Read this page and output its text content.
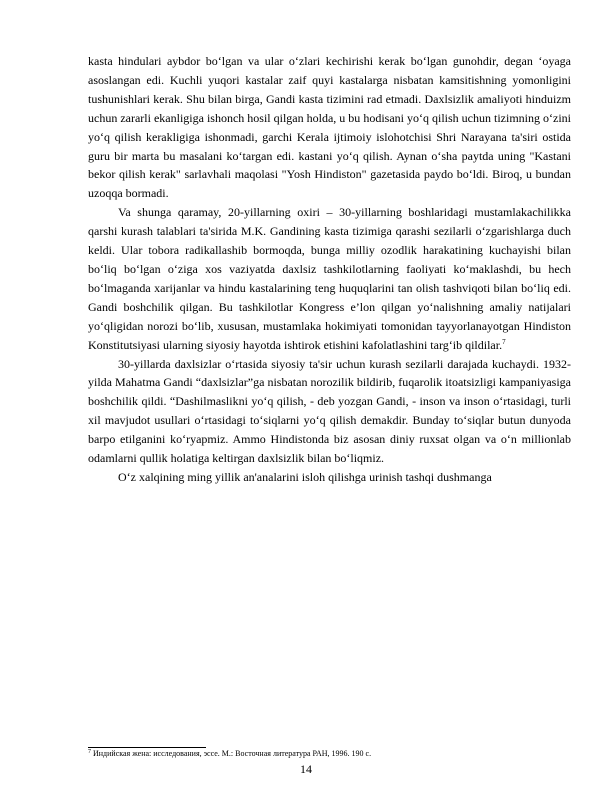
kasta hindulari aybdor bo‘lgan va ular o‘zlari kechirishi kerak bo‘lgan gunohdir, degan ‘oyaga asoslangan edi. Kuchli yuqori kastalar zaif quyi kastalarga nisbatan kamsitishning yomonligini tushunishlari kerak. Shu bilan birga, Gandi kasta tizimini rad etmadi. Daxlsizlik amaliyoti hinduizm uchun zararli ekanligiga ishonch hosil qilgan holda, u bu hodisani yo‘q qilish uchun tizimning o‘zini yo‘q qilish kerakligiga ishonmadi, garchi Kerala ijtimoiy islohotchisi Shri Narayana ta'siri ostida guru bir marta bu masalani ko‘targan edi. kastani yo‘q qilish. Aynan o‘sha paytda uning "Kastani bekor qilish kerak" sarlavhali maqolasi "Yosh Hindiston" gazetasida paydo bo‘ldi. Biroq, u bundan uzoqqa bormadi.

Va shunga qaramay, 20-yillarning oxiri – 30-yillarning boshlaridagi mustamlakachilikka qarshi kurash talablari ta'sirida M.K. Gandining kasta tizimiga qarashi sezilarli o‘zgarishlarga duch keldi. Ular tobora radikallashib bormoqda, bunga milliy ozodlik harakatining kuchayishi bilan bo‘liq bo‘lgan o‘ziga xos vaziyatda daxlsiz tashkilotlarning faoliyati ko‘maklashdi, bu hech bo‘lmaganda xarijanlar va hindu kastalarining teng huquqlarini tan olish tashviqoti bilan bo‘liq edi. Gandi boshchilik qilgan. Bu tashkilotlar Kongress e’lon qilgan yo‘nalishning amaliy natijalari yo‘qligidan norozi bo‘lib, xususan, mustamlaka hokimiyati tomonidan tayyorlanayotgan Hindiston Konstitutsiyasi ularning siyosiy hayotda ishtirok etishini kafolatlashini targ‘ib qildilar.$^7$

30-yillarda daxlsizlar o‘rtasida siyosiy ta'sir uchun kurash sezilarli darajada kuchaydi. 1932-yilda Mahatma Gandi “daxlsizlar”ga nisbatan norozilik bildirib, fuqarolik itoatsizligi kampaniyasiga boshchilik qildi. “Dashilmaslikni yo‘q qilish, - deb yozgan Gandi, - inson va inson o‘rtasidagi, turli xil mavjudot usullari o‘rtasidagi to‘siqlarni yo‘q qilish demakdir. Bunday to‘siqlar butun dunyoda barpo etilganini ko‘ryapmiz. Ammo Hindistonda biz asosan diniy ruxsat olgan va o‘n millionlab odamlarni qullik holatiga keltirgan daxlsizlik bilan bo‘liqmiz.

O‘z xalqining ming yillik an'analarini isloh qilishga urinish tashqi dushmanga

$^7$ Индийская жена: исследования, эссе. М.: Восточная литература РАН, 1996. 190 с.
14
